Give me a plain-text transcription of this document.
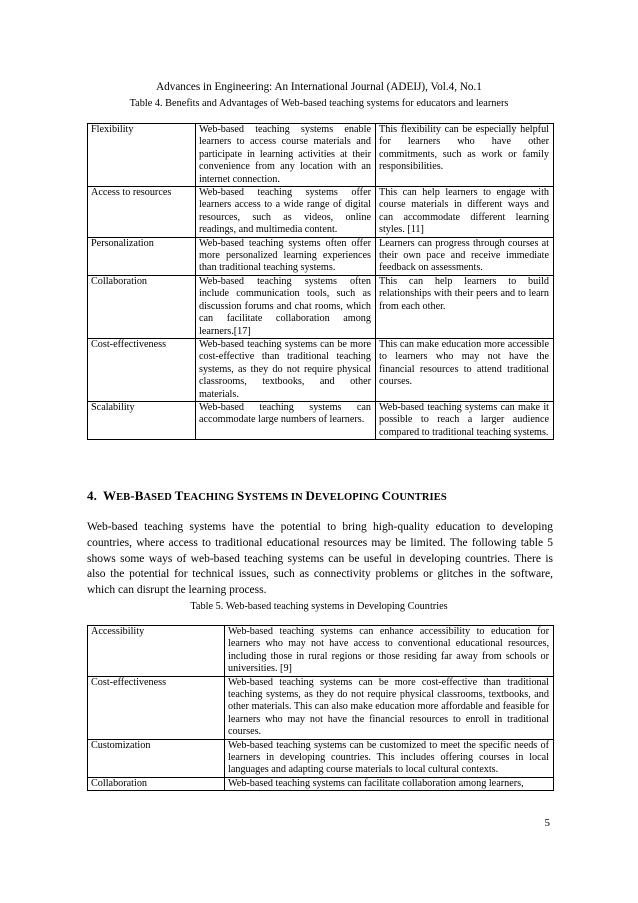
Advances in Engineering: An International Journal (ADEIJ), Vol.4, No.1
Table 4. Benefits and Advantages of Web-based teaching systems for educators and learners
Flexibility	Web-based teaching systems enable learners to access course materials and participate in learning activities at their convenience from any location with an internet connection.	This flexibility can be especially helpful for learners who have other commitments, such as work or family responsibilities.
Access to resources	Web-based teaching systems offer learners access to a wide range of digital resources, such as videos, online readings, and multimedia content.	This can help learners to engage with course materials in different ways and can accommodate different learning styles. [11]
Personalization	Web-based teaching systems often offer more personalized learning experiences than traditional teaching systems.	Learners can progress through courses at their own pace and receive immediate feedback on assessments.
Collaboration	Web-based teaching systems often include communication tools, such as discussion forums and chat rooms, which can facilitate collaboration among learners.[17]	This can help learners to build relationships with their peers and to learn from each other.
Cost-effectiveness	Web-based teaching systems can be more cost-effective than traditional teaching systems, as they do not require physical classrooms, textbooks, and other materials.	This can make education more accessible to learners who may not have the financial resources to attend traditional courses.
Scalability	Web-based teaching systems can accommodate large numbers of learners.	Web-based teaching systems can make it possible to reach a larger audience compared to traditional teaching systems.
4. WEB-BASED TEACHING SYSTEMS IN DEVELOPING COUNTRIES
Web-based teaching systems have the potential to bring high-quality education to developing countries, where access to traditional educational resources may be limited. The following table 5 shows some ways of web-based teaching systems can be useful in developing countries. There is also the potential for technical issues, such as connectivity problems or glitches in the software, which can disrupt the learning process.
Table 5. Web-based teaching systems in Developing Countries
Accessibility	Web-based teaching systems can enhance accessibility to education for learners who may not have access to conventional educational resources, including those in rural regions or those residing far away from schools or universities. [9]
Cost-effectiveness	Web-based teaching systems can be more cost-effective than traditional teaching systems, as they do not require physical classrooms, textbooks, and other materials. This can also make education more affordable and feasible for learners who may not have the financial resources to enroll in traditional courses.
Customization	Web-based teaching systems can be customized to meet the specific needs of learners in developing countries. This includes offering courses in local languages and adapting course materials to local cultural contexts.
Collaboration	Web-based teaching systems can facilitate collaboration among learners,
5
